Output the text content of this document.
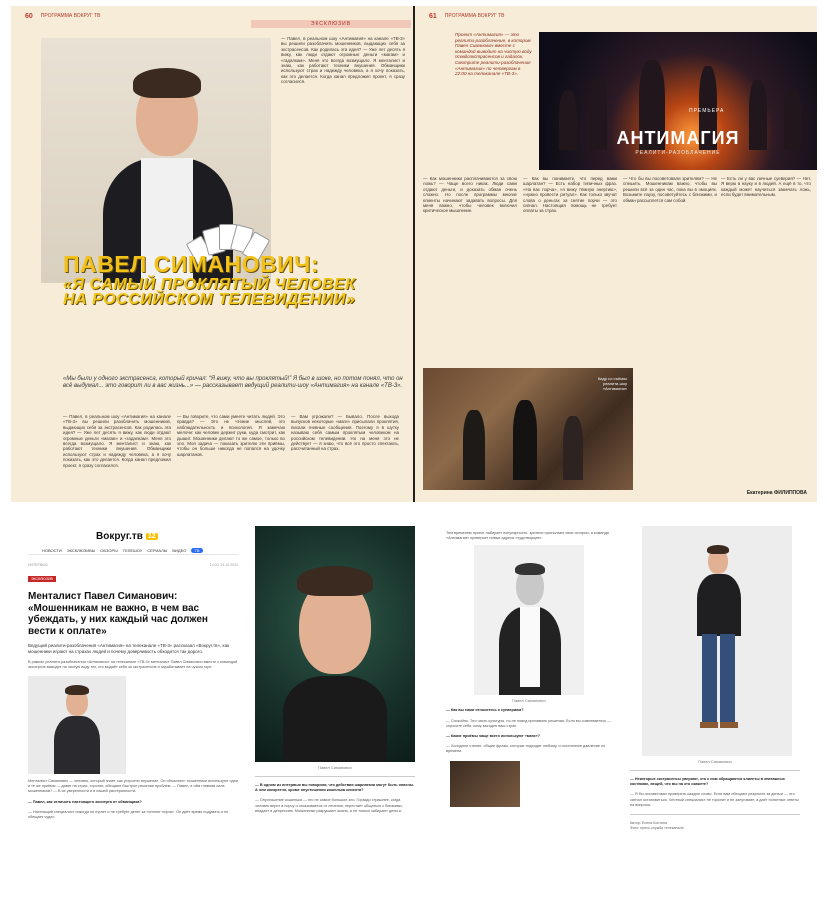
60 ПРОГРАММА ВОКРУГ ТВ
ЭКСКЛЮЗИВ
ПАВЕЛ СИМАНОВИЧ:
«Я САМЫЙ ПРОКЛЯТЫЙ ЧЕЛОВЕК НА РОССИЙСКОМ ТЕЛЕВИДЕНИИ»
«Мы были у одного экстрасенса, который кричал: “Я вижу, что вы проклятый!” Я был в шоке, но потом понял, что он всё выдумал... это говорит ли в вас жизнь...» — рассказывает ведущий реалити-шоу «Антимагия» на канале «ТВ-3».
— Павел, в реальном шоу «Антимагия» на канале «ТВ-3» вы решили разоблачить мошенников, выдающих себя за экстрасенсов. Как родилась эта идея? — Уже лет десять я вижу, как люди отдают огромные деньги «магам» и «гадалкам». Меня это всегда возмущало. Я менталист и знаю, как работают техники внушения. Обманщики используют страх и надежду человека, а я хочу показать, как это делается. Когда канал предложил проект, я сразу согласился.
— Вы говорите, что сами умеете читать людей. Это правда? — Это не чтение мыслей, это наблюдательность и психология. Я замечаю мелочи: как человек держит руки, куда смотрит, как дышит. Мошенники делают то же самое, только во зло. Моя задача — показать зрителю эти приёмы, чтобы он больше никогда не попался на удочку шарлатанов.
— Вам угрожали? — Бывало. После выхода выпусков некоторые «маги» присылали проклятия, писали гневные сообщения. Поэтому я в шутку называю себя самым проклятым человеком на российском телевидении. Но на меня это не действует — я знаю, что всё это просто спектакль, рассчитанный на страх.
— Павел, в реальном шоу «Антимагия» на канале «ТВ-3» вы решили разоблачить мошенников, выдающих себя за экстрасенсов. Как родилась эта идея? — Уже лет десять я вижу, как люди отдают огромные деньги «магам» и «гадалкам». Меня это всегда возмущало. Я менталист и знаю, как работают техники внушения. Обманщики используют страх и надежду человека, а я хочу показать, как это делается. Когда канал предложил проект, я сразу согласился.
61 ПРОГРАММА ВОКРУГ ТВ
Проект «Антимагия» — это реалити-разоблачение, в котором Павел Симанович вместе с командой выводит на чистую воду псевдоэкстрасенсов и гадалок. Смотрите реалити-разоблачение «Антимагия» по четвергам в 22:00 на телеканале «ТВ-3».
ПРЕМЬЕРА
АНТИМАГИЯ
РЕАЛИТИ-РАЗОБЛАЧЕНИЕ
— Как мошенники расплачиваются за свою ложь? — Чаще всего никак. Люди сами отдают деньги, и доказать обман очень сложно. Но после программы многие клиенты начинают задавать вопросы. Для меня важно, чтобы человек включил критическое мышление.
— Как вы понимаете, что перед вами шарлатан? — Есть набор типичных фраз. «На вас порча», «я вижу тёмную энергию», «нужно провести ритуал». Как только звучат слова о деньгах за снятие порчи — это сигнал. Настоящая помощь не требует оплаты за страх.
— Что бы вы посоветовали зрителям? — Не спешить. Мошенникам важно, чтобы вы решили всё за один час, пока вы в эмоциях. Возьмите паузу, посоветуйтесь с близкими, и обман рассыплется сам собой.
— Есть ли у вас личные суеверия? — Нет. Я верю в науку и в людей. А ещё в то, что каждый может научиться замечать ложь, если будет внимательным.
Кадр со съёмок реалити-шоу «Антимагия»
Екатерина ФИЛИППОВА
Вокруг.тв 12
НОВОСТИ ЭКСКЛЮЗИВЫ ОБЗОРЫ ТЕЛЕШОУ СЕРИАЛЫ ВИДЕО	ТВ
ИНТЕРВЬЮ	14:00, 23.10.2024
ЭКСКЛЮЗИВ
Менталист Павел Симанович: «Мошенникам не важно, в чем вас убеждать, у них каждый час должен вести к оплате»
Ведущий реалити-разоблачения «Антимагия» на телеканале «ТВ-3» рассказал «Вокруг.тв», как мошенники играют на страхах людей и почему доверчивость обходится так дорого.
В рамках реалити-разоблачения «Антимагия» на телеканале «ТВ-3» менталист Павел Симанович вместе с командой экспертов выводит на чистую воду тех, кто выдаёт себя за экстрасенсов и зарабатывает на чужом горе.
Менталист Симанович — человек, который знает, как устроено внушение. Он объясняет: мошенники используют одни и те же приёмы — давят на страх, торопят, обещают быстрое решение проблем. — Павел, в чём главная сила мошенников? — В их уверенности и в нашей растерянности.
— Павел, как отличить настоящего эксперта от обманщика?
— Настоящий специалист никогда не пугает и не требует денег за «снятие порчи». Он даёт время подумать и не обещает чудес.
Павел Симанович
— В одном из интервью вы говорили, что действия шарлатана могут быть опасны. А чем конкретно, кроме опустошения кошелька клиента?
— Опустошение кошелька — это не самое большое зло. Гораздо страшнее, когда человек верит в порчу и отказывается от лечения, перестаёт общаться с близкими, впадает в депрессию. Мошенники разрушают жизни, а не только забирают деньги.
Тем временем проект набирает популярность: зрители присылают свои истории, а команда «Антимагии» проверяет новые адреса «чудотворцев».
Павел Симанович
— Как вы сами относитесь к суевериям?
— Спокойно. Это часть культуры, но не повод принимать решения. Если вы сомневаетесь — спросите себя, кому выгоден ваш страх.
— Какие приёмы чаще всего используют «маги»?
— Холодное чтение, общие фразы, которые подходят любому, и постоянное давление по времени.
Павел Симанович
— Некоторые экстрасенсы уверяют, что к ним обращаются клиенты в эпатажных костюмах, вещей, что вы на это скажете?
— Я бы посоветовал проверять каждое слово. Если вам обещают результат за деньги — это сигнал остановиться. Честный специалист не торопит и не запугивает, а даёт понятные ответы на вопросы.
Автор: Елена Костина
Фото: пресс-служба телеканала
